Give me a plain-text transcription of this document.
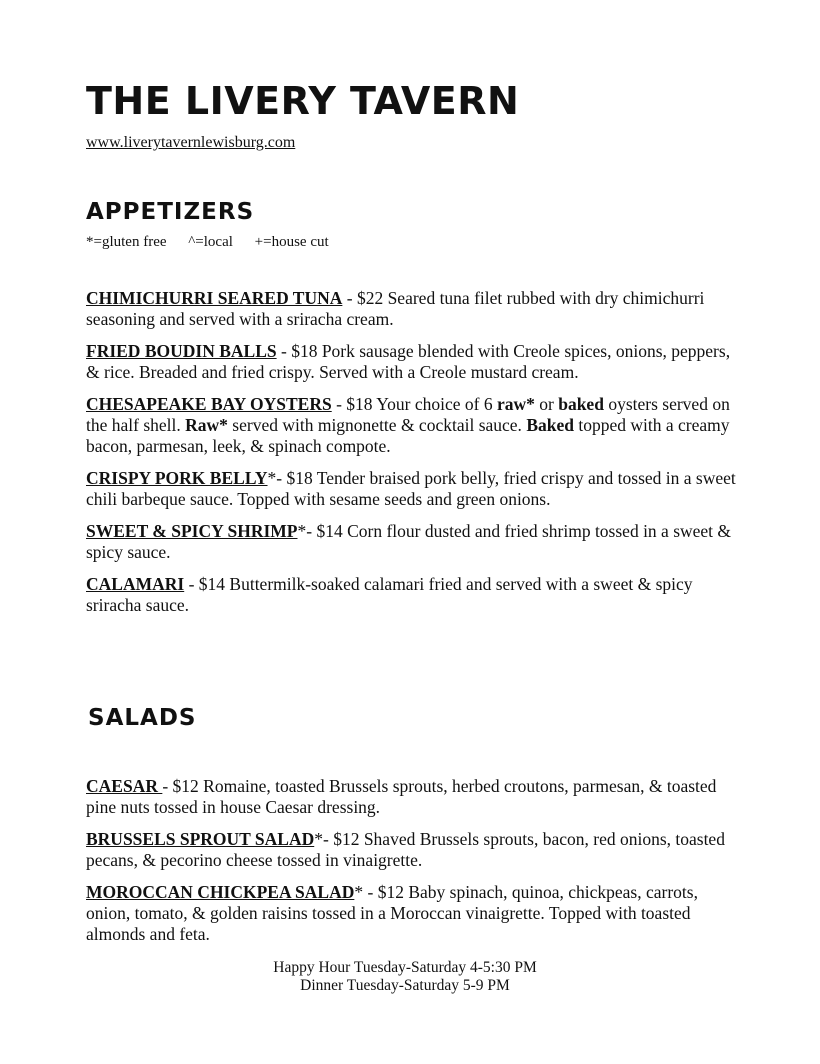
THE LIVERY TAVERN
www.liverytavernlewisburg.com
APPETIZERS
*=gluten free ^=local +=house cut
CHIMICHURRI SEARED TUNA - $22 Seared tuna filet rubbed with dry chimichurri seasoning and served with a sriracha cream.
FRIED BOUDIN BALLS - $18 Pork sausage blended with Creole spices, onions, peppers, & rice. Breaded and fried crispy. Served with a Creole mustard cream.
CHESAPEAKE BAY OYSTERS - $18 Your choice of 6 raw* or baked oysters served on the half shell. Raw* served with mignonette & cocktail sauce. Baked topped with a creamy bacon, parmesan, leek, & spinach compote.
CRISPY PORK BELLY*- $18 Tender braised pork belly, fried crispy and tossed in a sweet chili barbeque sauce. Topped with sesame seeds and green onions.
SWEET & SPICY SHRIMP*- $14 Corn flour dusted and fried shrimp tossed in a sweet & spicy sauce.
CALAMARI - $14 Buttermilk-soaked calamari fried and served with a sweet & spicy sriracha sauce.
SALADS
CAESAR - $12 Romaine, toasted Brussels sprouts, herbed croutons, parmesan, & toasted pine nuts tossed in house Caesar dressing.
BRUSSELS SPROUT SALAD*- $12 Shaved Brussels sprouts, bacon, red onions, toasted pecans, & pecorino cheese tossed in vinaigrette.
MOROCCAN CHICKPEA SALAD* - $12 Baby spinach, quinoa, chickpeas, carrots, onion, tomato, & golden raisins tossed in a Moroccan vinaigrette. Topped with toasted almonds and feta.
Happy Hour Tuesday-Saturday 4-5:30 PM
Dinner Tuesday-Saturday 5-9 PM
